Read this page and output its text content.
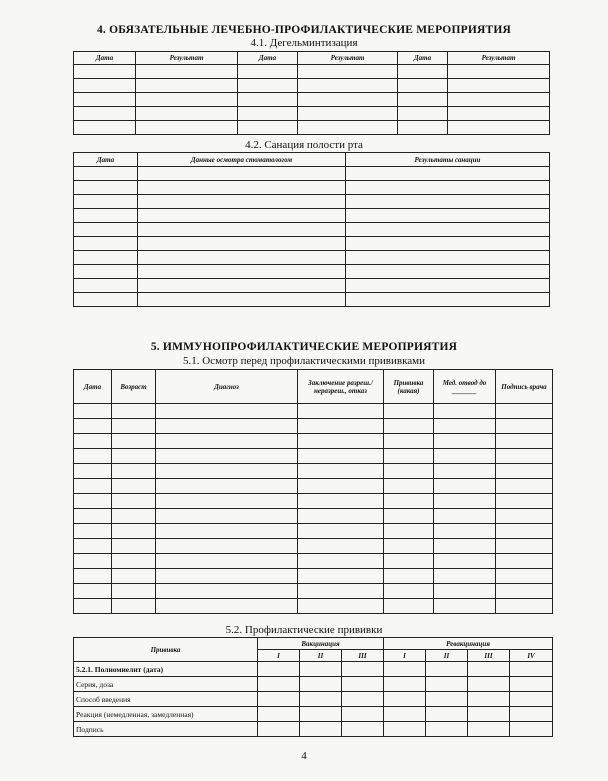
4. ОБЯЗАТЕЛЬНЫЕ ЛЕЧЕБНО-ПРОФИЛАКТИЧЕСКИЕ МЕРОПРИЯТИЯ
4.1. Дегельминтизация
Дата	Результат	Дата	Результат	Дата	Результат

4.2. Санация полости рта
Дата	Данные осмотра стоматологом	Результаты санации

5. ИММУНОПРОФИЛАКТИЧЕСКИЕ МЕРОПРИЯТИЯ
5.1. Осмотр перед профилактическими прививками
Дата	Возраст	Диагноз	Заключение разреш./неразреш., отказ	Прививка (какая)	Мед. отвод до _______	Подпись врача

5.2. Профилактические прививки
Прививка	Вакцинация			Ревакцинация			
	I	II	III	I	II	III	IV
5.2.1. Полиомиелит (дата)							
Серия, доза							
Способ введения							
Реакция (немедленная, замедленная)							
Подпись							
4
